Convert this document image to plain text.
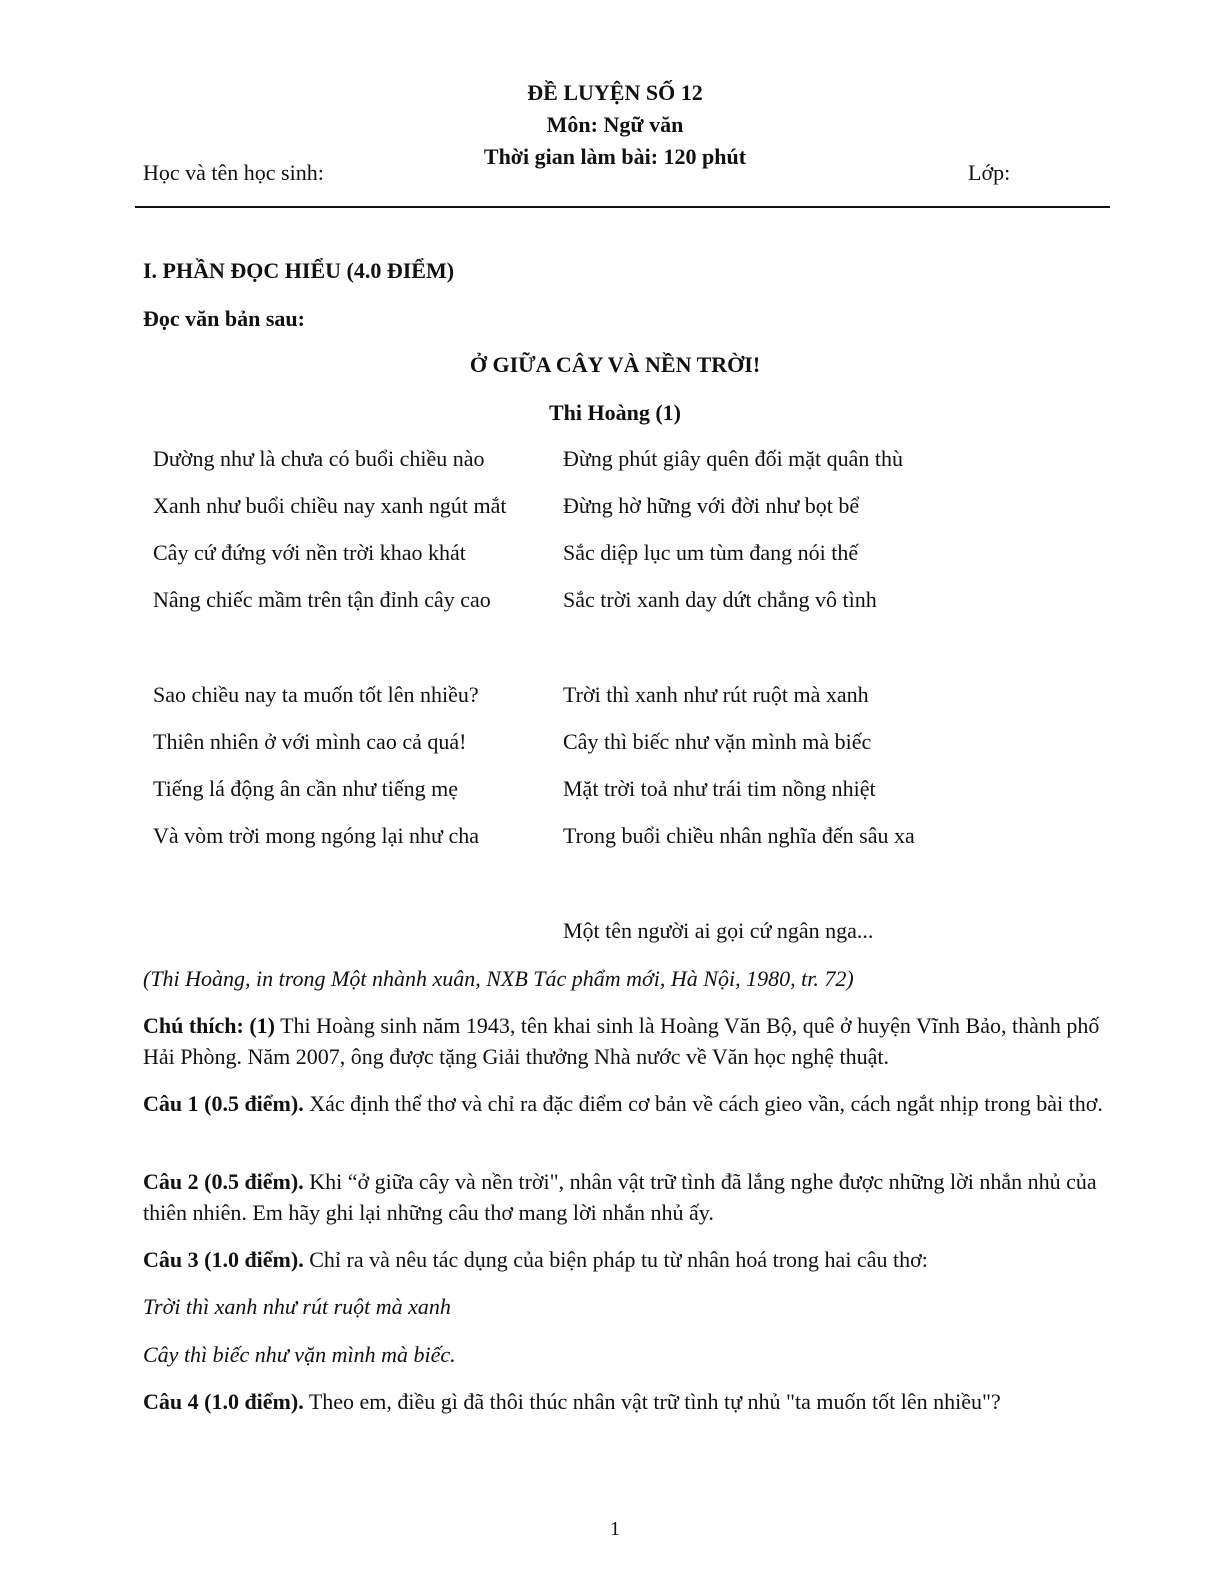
ĐỀ LUYỆN SỐ 12
Môn: Ngữ văn
Thời gian làm bài: 120 phút
Học và tên học sinh:	Lớp:
I. PHẦN ĐỌC HIỂU (4.0 ĐIỂM)
Đọc văn bản sau:
Ở GIỮA CÂY VÀ NỀN TRỜI!
Thi Hoàng (1)
Dường như là chưa có buổi chiều nào
Xanh như buổi chiều nay xanh ngút mắt
Cây cứ đứng với nền trời khao khát
Nâng chiếc mầm trên tận đỉnh cây cao
Sao chiều nay ta muốn tốt lên nhiều?
Thiên nhiên ở với mình cao cả quá!
Tiếng lá động ân cần như tiếng mẹ
Và vòm trời mong ngóng lại như cha
Đừng phút giây quên đối mặt quân thù
Đừng hờ hững với đời như bọt bể
Sắc diệp lục um tùm đang nói thế
Sắc trời xanh day dứt chẳng vô tình
Trời thì xanh như rút ruột mà xanh
Cây thì biếc như vặn mình mà biếc
Mặt trời toả như trái tim nồng nhiệt
Trong buổi chiều nhân nghĩa đến sâu xa
Một tên người ai gọi cứ ngân nga...
(Thi Hoàng, in trong Một nhành xuân, NXB Tác phẩm mới, Hà Nội, 1980, tr. 72)
Chú thích: (1) Thi Hoàng sinh năm 1943, tên khai sinh là Hoàng Văn Bộ, quê ở huyện Vĩnh Bảo, thành phố Hải Phòng. Năm 2007, ông được tặng Giải thưởng Nhà nước về Văn học nghệ thuật.
Câu 1 (0.5 điểm). Xác định thể thơ và chỉ ra đặc điểm cơ bản về cách gieo vần, cách ngắt nhịp trong bài thơ.
Câu 2 (0.5 điểm). Khi “ở giữa cây và nền trời", nhân vật trữ tình đã lắng nghe được những lời nhắn nhủ của thiên nhiên. Em hãy ghi lại những câu thơ mang lời nhắn nhủ ấy.
Câu 3 (1.0 điểm). Chỉ ra và nêu tác dụng của biện pháp tu từ nhân hoá trong hai câu thơ:
Trời thì xanh như rút ruột mà xanh
Cây thì biếc như vặn mình mà biếc.
Câu 4 (1.0 điểm). Theo em, điều gì đã thôi thúc nhân vật trữ tình tự nhủ "ta muốn tốt lên nhiều"?
1
